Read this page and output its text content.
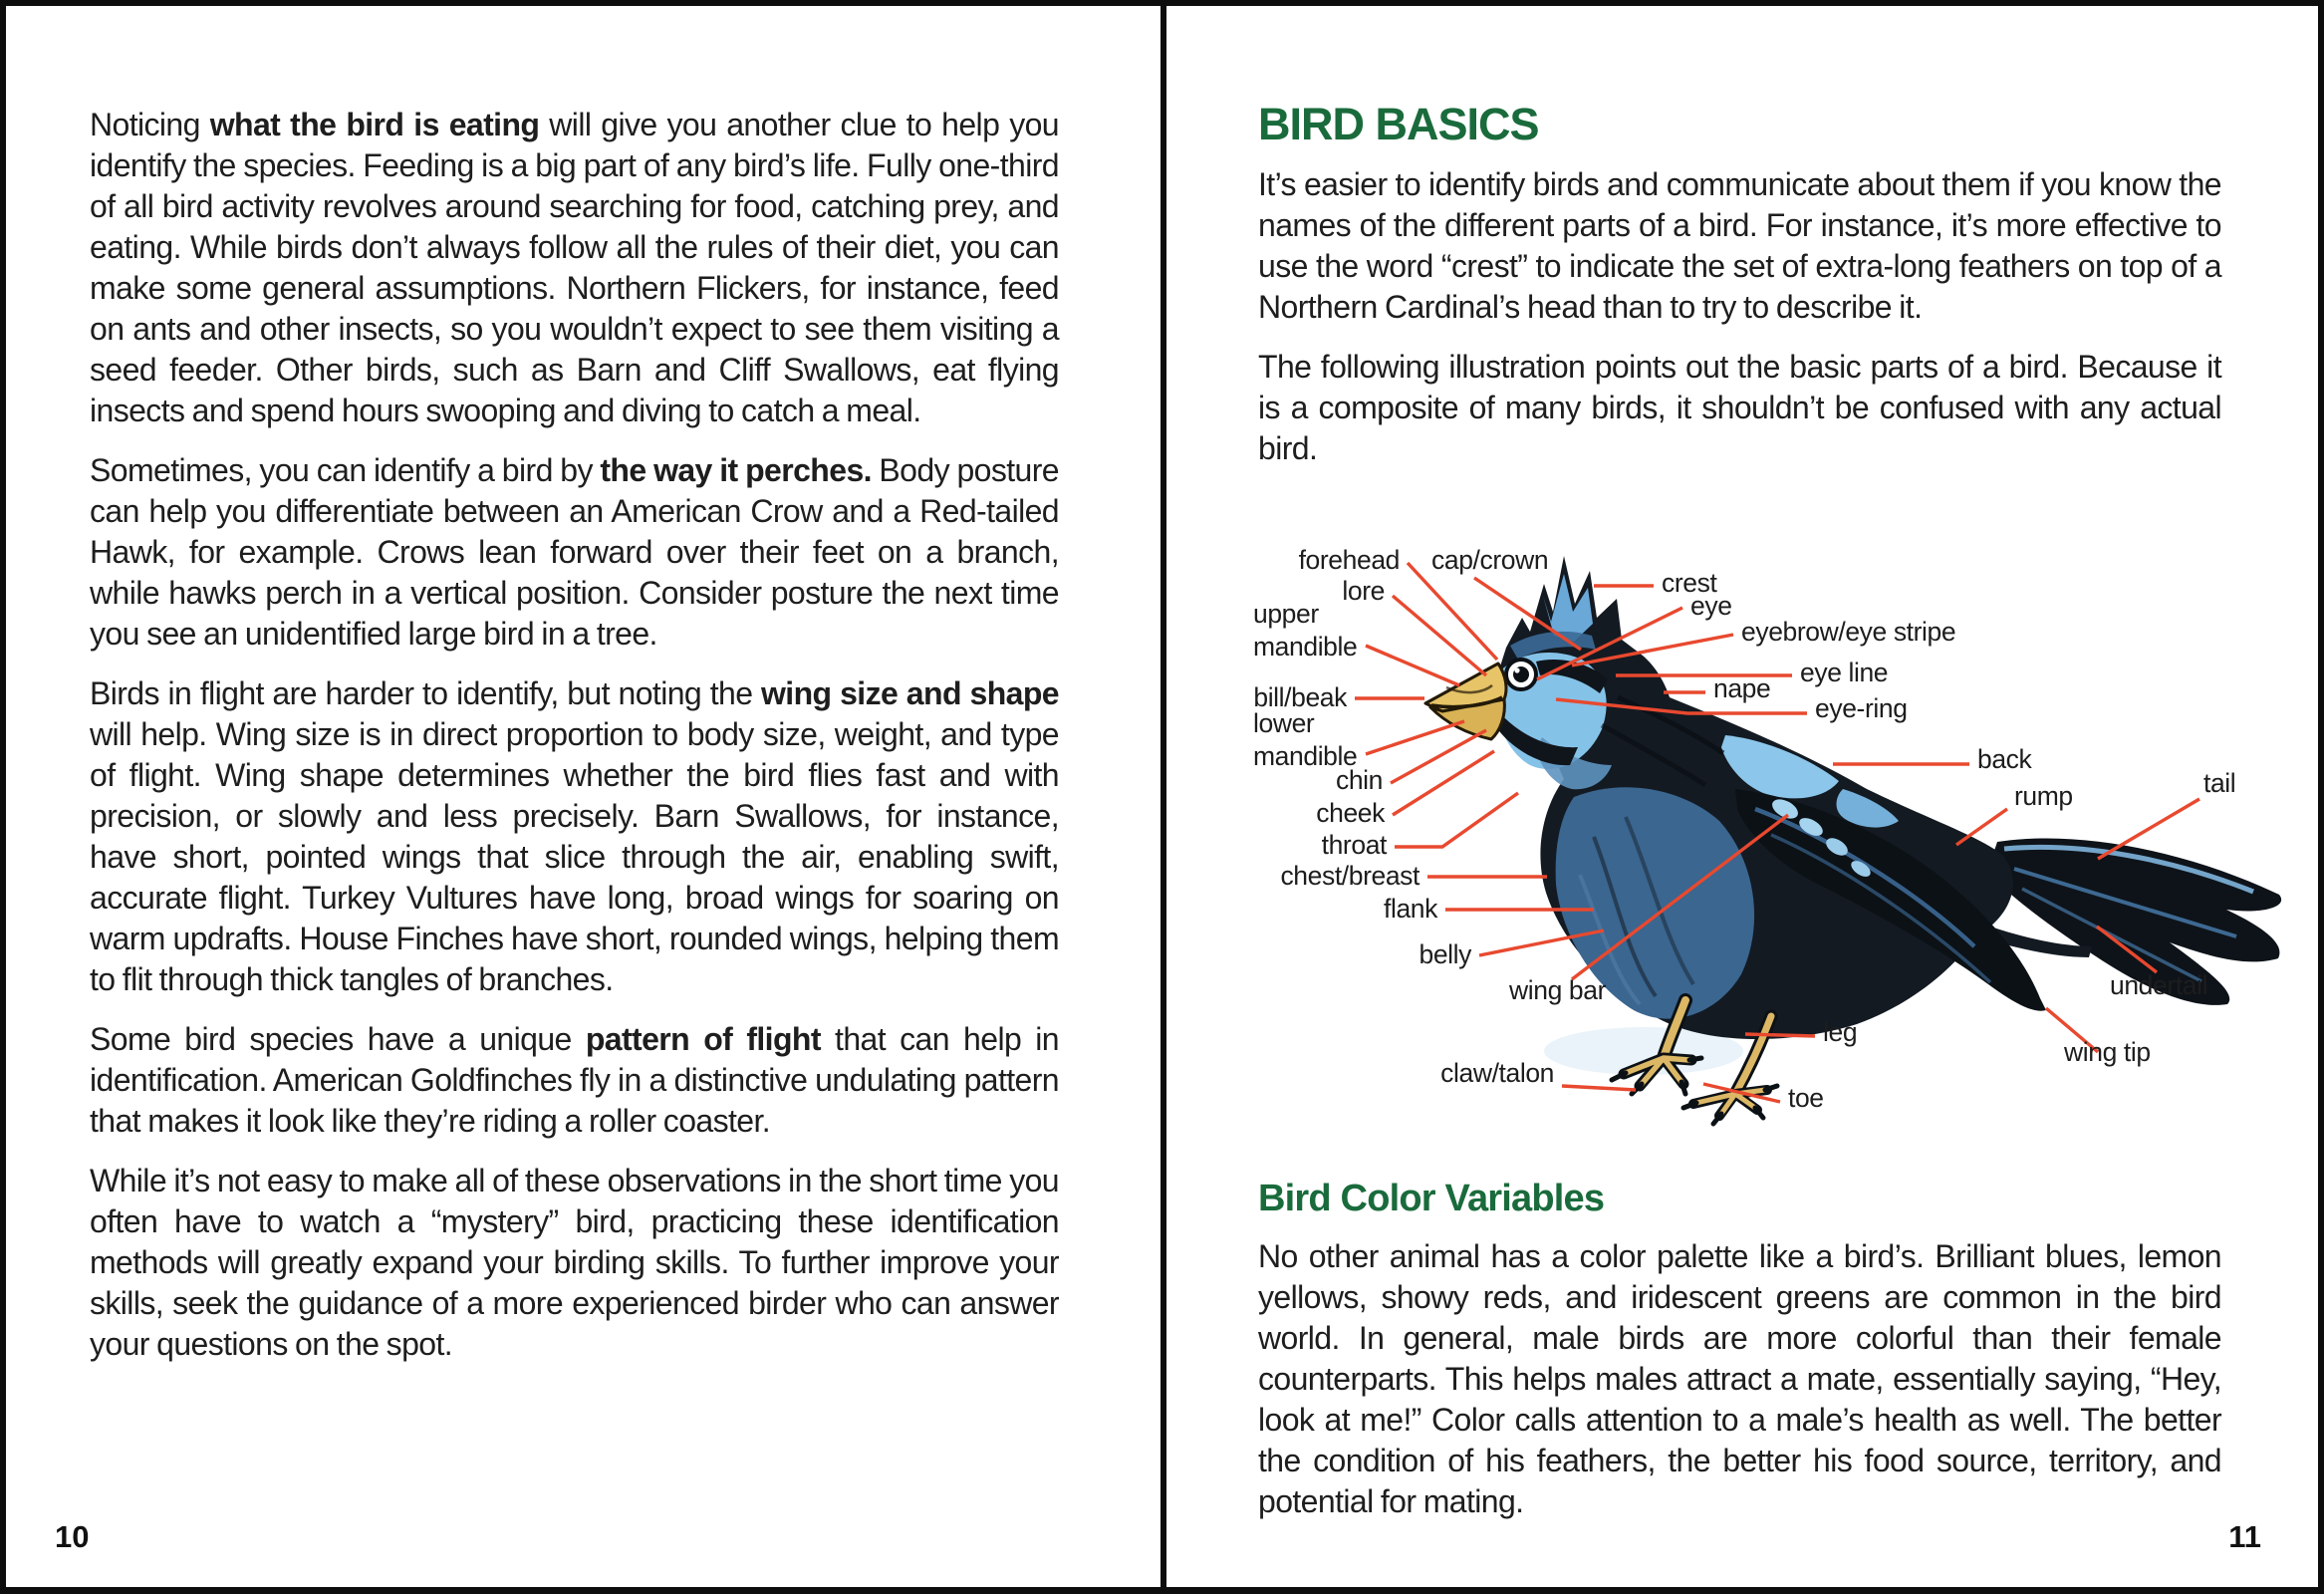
Noticing what the bird is eating will give you another clue to help you identify the species. Feeding is a big part of any bird’s life. Fully one-third of all bird activity revolves around searching for food, catching prey, and eating. While birds don’t always follow all the rules of their diet, you can make some general assumptions. Northern Flickers, for instance, feed on ants and other insects, so you wouldn’t expect to see them visiting a seed feeder. Other birds, such as Barn and Cliff Swallows, eat flying insects and spend hours swooping and diving to catch a meal.

Sometimes, you can identify a bird by the way it perches. Body posture can help you differentiate between an American Crow and a Red-tailed Hawk, for example. Crows lean forward over their feet on a branch, while hawks perch in a vertical position. Consider posture the next time you see an unidentified large bird in a tree.

Birds in flight are harder to identify, but noting the wing size and shape will help. Wing size is in direct proportion to body size, weight, and type of flight. Wing shape determines whether the bird flies fast and with precision, or slowly and less precisely. Barn Swallows, for instance, have short, pointed wings that slice through the air, enabling swift, accurate flight. Turkey Vultures have long, broad wings for soaring on warm updrafts. House Finches have short, rounded wings, helping them to flit through thick tangles of branches.

Some bird species have a unique pattern of flight that can help in identification. American Goldfinches fly in a distinctive undulating pattern that makes it look like they’re riding a roller coaster.

While it’s not easy to make all of these observations in the short time you often have to watch a “mystery” bird, practicing these identification methods will greatly expand your birding skills. To further improve your skills, seek the guidance of a more experienced birder who can answer your questions on the spot.

10
BIRD BASICS

It’s easier to identify birds and communicate about them if you know the names of the different parts of a bird. For instance, it’s more effective to use the word “crest” to indicate the set of extra-long feathers on top of a Northern Cardinal’s head than to try to describe it.

The following illustration points out the basic parts of a bird. Because it is a composite of many birds, it shouldn’t be confused with any actual bird.

forehead cap/crown
lore
upper mandible
bill/beak
lower mandible
chin
cheek
throat
chest/breast
flank
belly
wing bar
claw/talon
crest
eye
eyebrow/eye stripe
eye line
nape
eye-ring
back
rump	tail
undertail
leg
wing tip
toe
Bird Color Variables

No other animal has a color palette like a bird’s. Brilliant blues, lemon yellows, showy reds, and iridescent greens are common in the bird world. In general, male birds are more colorful than their female counterparts. This helps males attract a mate, essentially saying, “Hey, look at me!” Color calls attention to a male’s health as well. The better the condition of his feathers, the better his food source, territory, and potential for mating.

11
